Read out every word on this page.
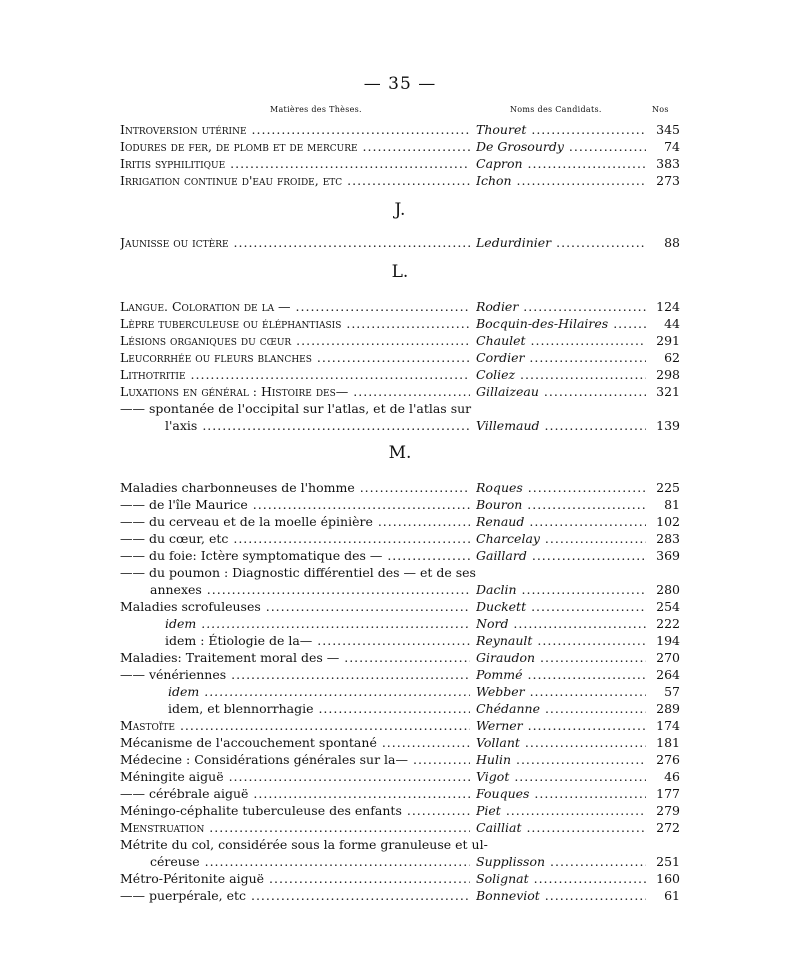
— 35 —
Matières des Thèses.	Noms des Candidats.	Nos
Introversion utérine .....	Thouret .....	345
Iodures de fer, de plomb et de mercure .....	De Grosourdy .....	74
Iritis syphilitique .....	Capron .....	383
Irrigation continue d'eau froide, etc .....	Ichon .....	273
J.
Jaunisse ou ictère .....	Ledurdinier .....	88
L.
Langue. Coloration de la — .....	Rodier .....	124
Lèpre tuberculeuse ou éléphantiasis .....	Bocquin-des-Hilaires .....	44
Lésions organiques du cœur .....	Chaulet .....	291
Leucorrhée ou fleurs blanches .....	Cordier .....	62
Lithotritie .....	Coliez .....	298
Luxations en général : Histoire des— .....	Gillaizeau .....	321
—— spontanée de l'occipital sur l'atlas, et de l'atlas sur
l'axis .....	Villemaud .....	139
M.
Maladies charbonneuses de l'homme .....	Roques .....	225
—— de l'île Maurice .....	Bouron .....	81
—— du cerveau et de la moelle épinière .....	Renaud .....	102
—— du cœur, etc .....	Charcelay .....	283
—— du foie: Ictère symptomatique des — .....	Gaillard .....	369
—— du poumon : Diagnostic différentiel des — et de ses
annexes .....	Daclin .....	280
Maladies scrofuleuses .....	Duckett .....	254
idem .....	Nord .....	222
idem : Étiologie de la— .....	Reynault .....	194
Maladies: Traitement moral des — .....	Giraudon .....	270
—— vénériennes .....	Pommé .....	264
idem .....	Webber .....	57
idem, et blennorrhagie .....	Chédanne .....	289
Mastoïte .....	Werner .....	174
Mécanisme de l'accouchement spontané .....	Vollant .....	181
Médecine : Considérations générales sur la— .....	Hulin .....	276
Méningite aiguë .....	Vigot .....	46
—— cérébrale aiguë .....	Fouques .....	177
Méningo-céphalite tuberculeuse des enfants .....	Piet .....	279
Menstruation .....	Cailliat .....	272
Métrite du col, considérée sous la forme granuleuse et ul-
céreuse .....	Supplisson .....	251
Métro-Péritonite aiguë .....	Solignat .....	160
—— puerpérale, etc .....	Bonneviot .....	61
